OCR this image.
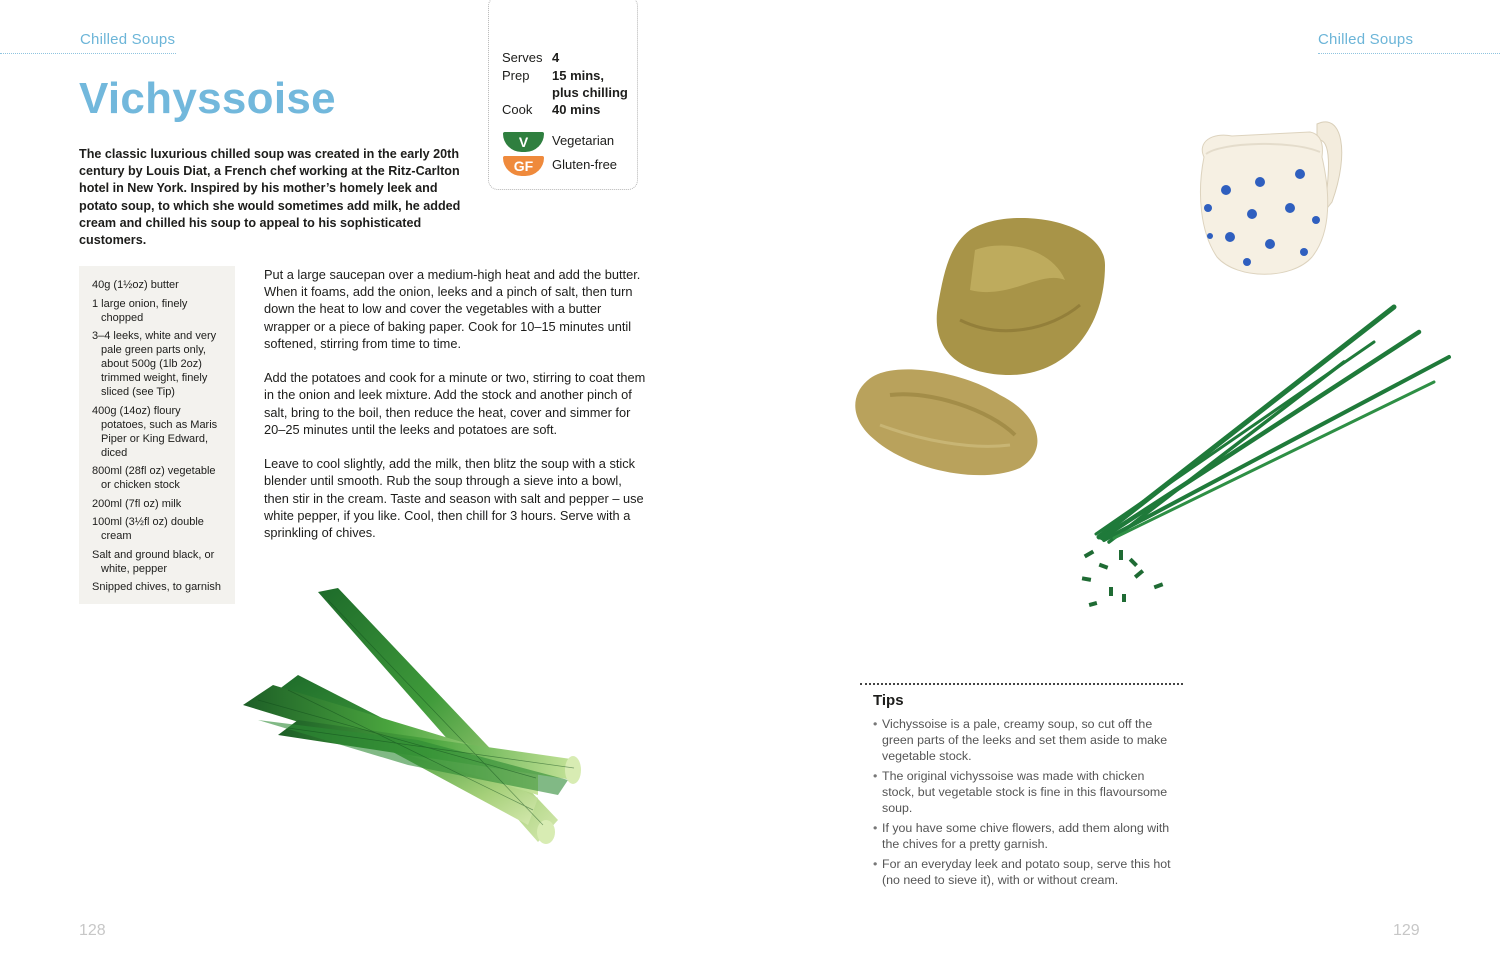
Chilled Soups
Vichyssoise
The classic luxurious chilled soup was created in the early 20th century by Louis Diat, a French chef working at the Ritz-Carlton hotel in New York. Inspired by his mother’s homely leek and potato soup, to which she would sometimes add milk, he added cream and chilled his soup to appeal to his sophisticated customers.
Serves 4
Prep 15 mins, plus chilling
Cook 40 mins
V	Vegetarian
GF	Gluten-free
40g (1½oz) butter
1 large onion, finely chopped
3–4 leeks, white and very pale green parts only, about 500g (1lb 2oz) trimmed weight, finely sliced (see Tip)
400g (14oz) floury potatoes, such as Maris Piper or King Edward, diced
800ml (28fl oz) vegetable or chicken stock
200ml (7fl oz) milk
100ml (3½fl oz) double cream
Salt and ground black, or white, pepper
Snipped chives, to garnish

Put a large saucepan over a medium-high heat and add the butter. When it foams, add the onion, leeks and a pinch of salt, then turn down the heat to low and cover the vegetables with a butter wrapper or a piece of baking paper. Cook for 10–15 minutes until softened, stirring from time to time.

Add the potatoes and cook for a minute or two, stirring to coat them in the onion and leek mixture. Add the stock and another pinch of salt, bring to the boil, then reduce the heat, cover and simmer for 20–25 minutes until the leeks and potatoes are soft.

Leave to cool slightly, add the milk, then blitz the soup with a stick blender until smooth. Rub the soup through a sieve into a bowl, then stir in the cream. Taste and season with salt and pepper – use white pepper, if you like. Cool, then chill for 3 hours. Serve with a sprinkling of chives.

128
Chilled Soups
Tips
• Vichyssoise is a pale, creamy soup, so cut off the green parts of the leeks and set them aside to make vegetable stock.
• The original vichyssoise was made with chicken stock, but vegetable stock is fine in this flavoursome soup.
• If you have some chive flowers, add them along with the chives for a pretty garnish.
• For an everyday leek and potato soup, serve this hot (no need to sieve it), with or without cream.
129
